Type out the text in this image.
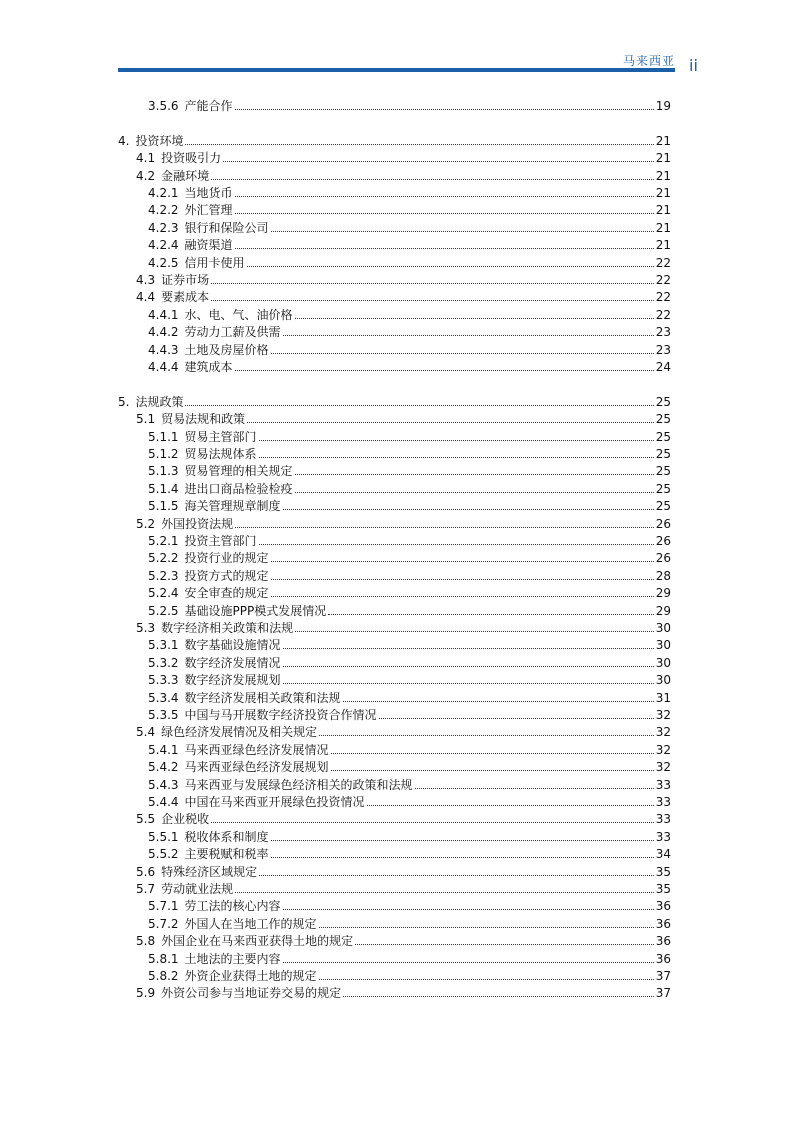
马来西亚 ii
3.5.6 产能合作	19
4. 投资环境	21
4.1 投资吸引力	21
4.2 金融环境	21
4.2.1 当地货币	21
4.2.2 外汇管理	21
4.2.3 银行和保险公司	21
4.2.4 融资渠道	21
4.2.5 信用卡使用	22
4.3 证券市场	22
4.4 要素成本	22
4.4.1 水、电、气、油价格	22
4.4.2 劳动力工薪及供需	23
4.4.3 土地及房屋价格	23
4.4.4 建筑成本	24
5. 法规政策	25
5.1 贸易法规和政策	25
5.1.1 贸易主管部门	25
5.1.2 贸易法规体系	25
5.1.3 贸易管理的相关规定	25
5.1.4 进出口商品检验检疫	25
5.1.5 海关管理规章制度	25
5.2 外国投资法规	26
5.2.1 投资主管部门	26
5.2.2 投资行业的规定	26
5.2.3 投资方式的规定	28
5.2.4 安全审查的规定	29
5.2.5 基础设施PPP模式发展情况	29
5.3 数字经济相关政策和法规	30
5.3.1 数字基础设施情况	30
5.3.2 数字经济发展情况	30
5.3.3 数字经济发展规划	30
5.3.4 数字经济发展相关政策和法规	31
5.3.5 中国与马开展数字经济投资合作情况	32
5.4 绿色经济发展情况及相关规定	32
5.4.1 马来西亚绿色经济发展情况	32
5.4.2 马来西亚绿色经济发展规划	32
5.4.3 马来西亚与发展绿色经济相关的政策和法规	33
5.4.4 中国在马来西亚开展绿色投资情况	33
5.5 企业税收	33
5.5.1 税收体系和制度	33
5.5.2 主要税赋和税率	34
5.6 特殊经济区域规定	35
5.7 劳动就业法规	35
5.7.1 劳工法的核心内容	36
5.7.2 外国人在当地工作的规定	36
5.8 外国企业在马来西亚获得土地的规定	36
5.8.1 土地法的主要内容	36
5.8.2 外资企业获得土地的规定	37
5.9 外资公司参与当地证券交易的规定	37
